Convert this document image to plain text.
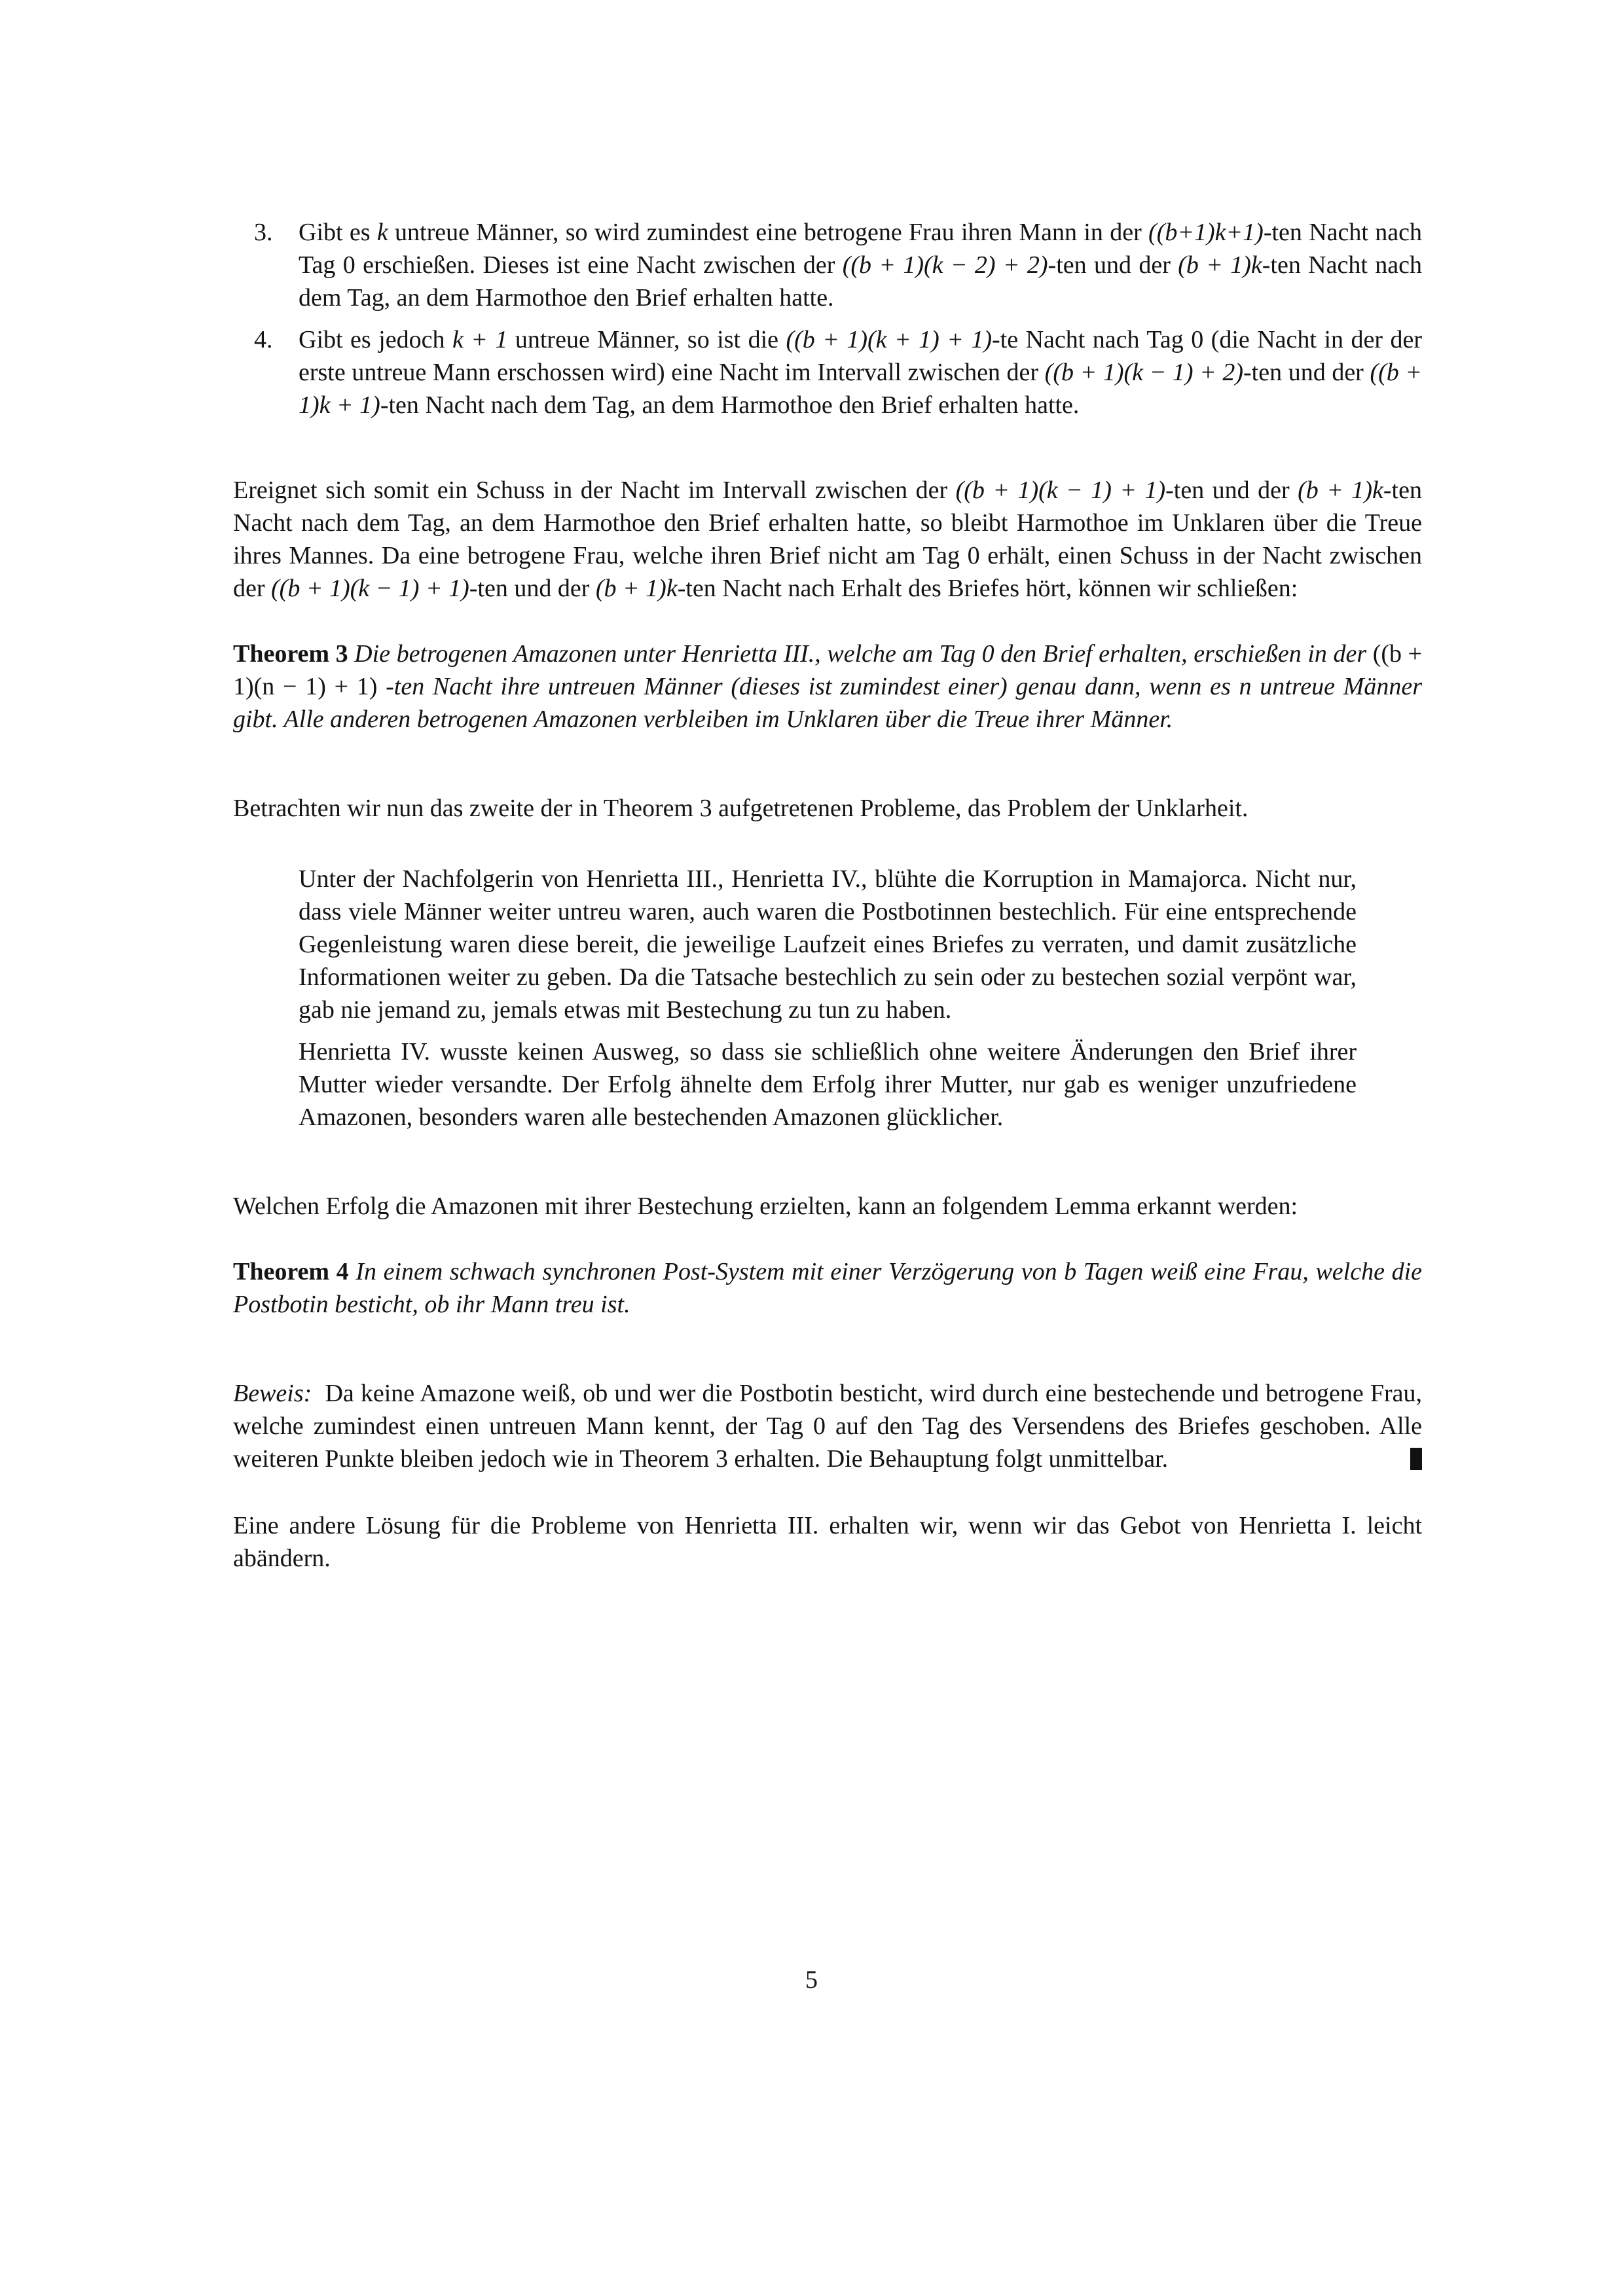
3. Gibt es k untreue Männer, so wird zumindest eine betrogene Frau ihren Mann in der ((b+1)k+1)-ten Nacht nach Tag 0 erschießen. Dieses ist eine Nacht zwischen der ((b + 1)(k − 2) + 2)-ten und der (b + 1)k-ten Nacht nach dem Tag, an dem Harmothoe den Brief erhalten hatte.
4. Gibt es jedoch k + 1 untreue Männer, so ist die ((b + 1)(k + 1) + 1)-te Nacht nach Tag 0 (die Nacht in der der erste untreue Mann erschossen wird) eine Nacht im Intervall zwischen der ((b + 1)(k − 1) + 2)-ten und der ((b + 1)k + 1)-ten Nacht nach dem Tag, an dem Harmothoe den Brief erhalten hatte.

Ereignet sich somit ein Schuss in der Nacht im Intervall zwischen der ((b + 1)(k − 1) + 1)-ten und der (b + 1)k-ten Nacht nach dem Tag, an dem Harmothoe den Brief erhalten hatte, so bleibt Harmothoe im Unklaren über die Treue ihres Mannes. Da eine betrogene Frau, welche ihren Brief nicht am Tag 0 erhält, einen Schuss in der Nacht zwischen der ((b + 1)(k − 1) + 1)-ten und der (b + 1)k-ten Nacht nach Erhalt des Briefes hört, können wir schließen:

Theorem 3 Die betrogenen Amazonen unter Henrietta III., welche am Tag 0 den Brief erhalten, erschießen in der ((b + 1)(n − 1) + 1) -ten Nacht ihre untreuen Männer (dieses ist zumindest einer) genau dann, wenn es n untreue Männer gibt. Alle anderen betrogenen Amazonen verbleiben im Unklaren über die Treue ihrer Männer.

Betrachten wir nun das zweite der in Theorem 3 aufgetretenen Probleme, das Problem der Unklarheit.

Unter der Nachfolgerin von Henrietta III., Henrietta IV., blühte die Korruption in Mamajorca. Nicht nur, dass viele Männer weiter untreu waren, auch waren die Postbotinnen bestechlich. Für eine entsprechende Gegenleistung waren diese bereit, die jeweilige Laufzeit eines Briefes zu verraten, und damit zusätzliche Informationen weiter zu geben. Da die Tatsache bestechlich zu sein oder zu bestechen sozial verpönt war, gab nie jemand zu, jemals etwas mit Bestechung zu tun zu haben.

Henrietta IV. wusste keinen Ausweg, so dass sie schließlich ohne weitere Änderungen den Brief ihrer Mutter wieder versandte. Der Erfolg ähnelte dem Erfolg ihrer Mutter, nur gab es weniger unzufriedene Amazonen, besonders waren alle bestechenden Amazonen glücklicher.

Welchen Erfolg die Amazonen mit ihrer Bestechung erzielten, kann an folgendem Lemma erkannt werden:

Theorem 4 In einem schwach synchronen Post-System mit einer Verzögerung von b Tagen weiß eine Frau, welche die Postbotin besticht, ob ihr Mann treu ist.

Beweis: Da keine Amazone weiß, ob und wer die Postbotin besticht, wird durch eine bestechende und betrogene Frau, welche zumindest einen untreuen Mann kennt, der Tag 0 auf den Tag des Versendens des Briefes geschoben. Alle weiteren Punkte bleiben jedoch wie in Theorem 3 erhalten. Die Behauptung folgt unmittelbar.

Eine andere Lösung für die Probleme von Henrietta III. erhalten wir, wenn wir das Gebot von Henrietta I. leicht abändern.

5
